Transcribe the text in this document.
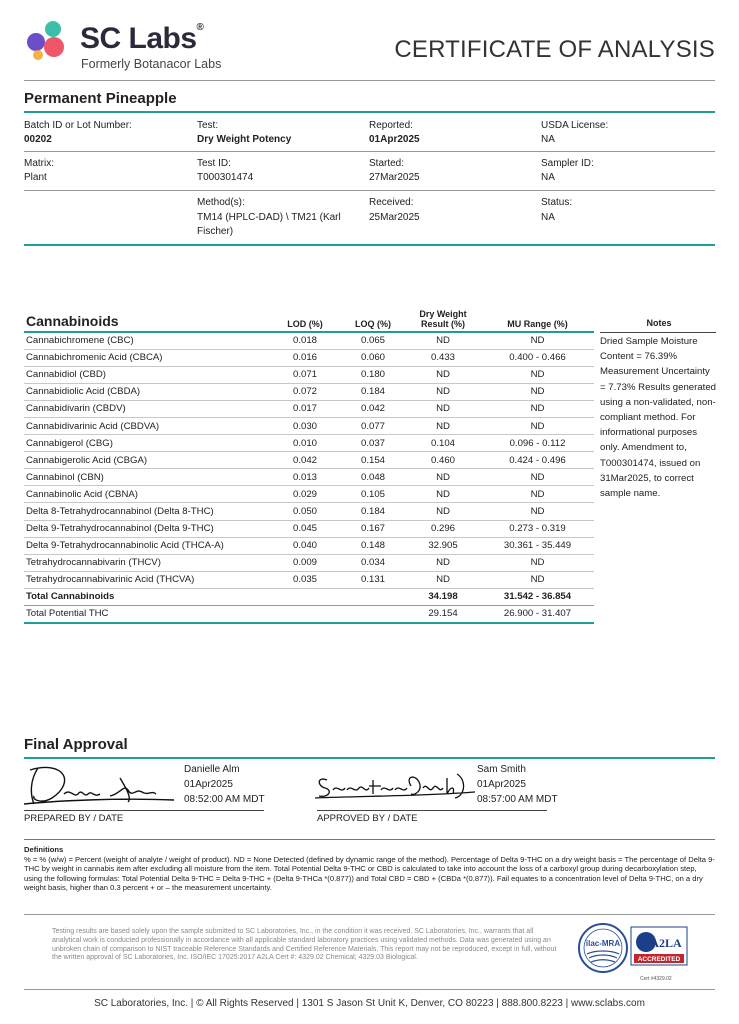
SC Labs®
Formerly Botanacor Labs
CERTIFICATE OF ANALYSIS
Permanent Pineapple
Batch ID or Lot Number:
00202
Test:
Dry Weight Potency
Reported:
01Apr2025
USDA License:
NA
Matrix:
Plant
Test ID:
T000301474
Started:
27Mar2025
Sampler ID:
NA
Method(s):
TM14 (HPLC-DAD) \ TM21 (Karl
Fischer)
Received:
25Mar2025
Status:
NA
Cannabinoids	LOD (%)	LOQ (%)	Dry Weight
Result (%)	MU Range (%)
Cannabichromene (CBC)	0.018	0.065	ND	ND
Cannabichromenic Acid (CBCA)	0.016	0.060	0.433	0.400 - 0.466
Cannabidiol (CBD)	0.071	0.180	ND	ND
Cannabidiolic Acid (CBDA)	0.072	0.184	ND	ND
Cannabidivarin (CBDV)	0.017	0.042	ND	ND
Cannabidivarinic Acid (CBDVA)	0.030	0.077	ND	ND
Cannabigerol (CBG)	0.010	0.037	0.104	0.096 - 0.112
Cannabigerolic Acid (CBGA)	0.042	0.154	0.460	0.424 - 0.496
Cannabinol (CBN)	0.013	0.048	ND	ND
Cannabinolic Acid (CBNA)	0.029	0.105	ND	ND
Delta 8-Tetrahydrocannabinol (Delta 8-THC)	0.050	0.184	ND	ND
Delta 9-Tetrahydrocannabinol (Delta 9-THC)	0.045	0.167	0.296	0.273 - 0.319
Delta 9-Tetrahydrocannabinolic Acid (THCA-A)	0.040	0.148	32.905	30.361 - 35.449
Tetrahydrocannabivarin (THCV)	0.009	0.034	ND	ND
Tetrahydrocannabivarinic Acid (THCVA)	0.035	0.131	ND	ND
Total Cannabinoids			34.198	31.542 - 36.854
Total Potential THC			29.154	26.900 - 31.407
Notes
Dried Sample Moisture Content = 76.39% Measurement Uncertainty = 7.73% Results generated using a non-validated, non-compliant method. For informational purposes only. Amendment to, T000301474, issued on 31Mar2025, to correct sample name.
Final Approval
Danielle Alm
01Apr2025
08:52:00 AM MDT
PREPARED BY / DATE
Sam Smith
01Apr2025
08:57:00 AM MDT
APPROVED BY / DATE
Definitions
% = % (w/w) = Percent (weight of analyte / weight of product). ND = None Detected (defined by dynamic range of the method). Percentage of Delta 9-THC on a dry weight basis = The percentage of Delta 9-THC by weight in cannabis item after excluding all moisture from the item. Total Potential Delta 9-THC or CBD is calculated to take into account the loss of a carboxyl group during decarboxylation step, using the following formulas: Total Potential Delta 9-THC = Delta 9-THC + (Delta 9-THCa *(0.877)) and Total CBD = CBD + (CBDa *(0.877)). Fail equates to a concentration level of Delta 9-THC, on a dry weight basis, higher than 0.3 percent + or – the measurement uncertainty.
Testing results are based solely upon the sample submitted to SC Laboratories, Inc., in the condition it was received. SC Laboratories, Inc., warrants that all analytical work is conducted professionally in accordance with all applicable standard laboratory practices using validated methods. Data was generated using an unbroken chain of comparison to NIST traceable Reference Standards and Certified Reference Materials. This report may not be reproduced, except in full, without the written approval of SC Laboratories, Inc. ISO/IEC 17025:2017 A2LA Cert #: 4329.02 Chemical; 4329.03 Biological.
ilac-MRA	A2LA
ACCREDITED
Cert #4329.02
SC Laboratories, Inc. | © All Rights Reserved | 1301 S Jason St Unit K, Denver, CO 80223 | 888.800.8223 | www.sclabs.com
